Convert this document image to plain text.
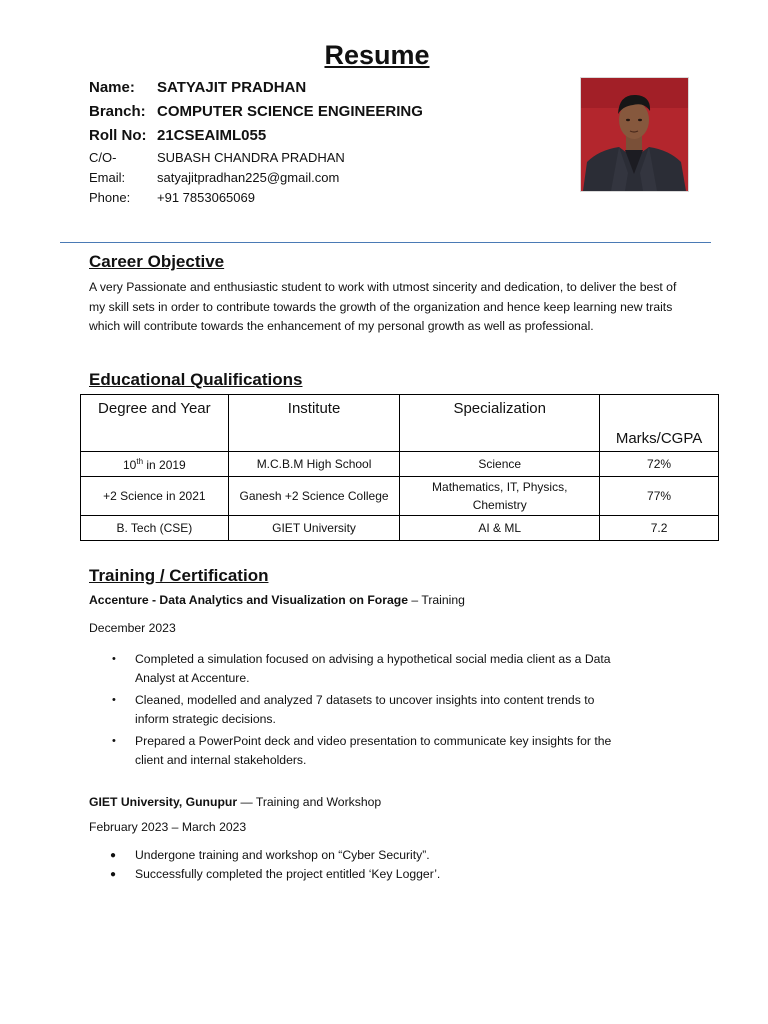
Resume
Name: SATYAJIT PRADHAN
Branch: COMPUTER SCIENCE ENGINEERING
Roll No: 21CSEAIML055
C/O-	SUBASH CHANDRA PRADHAN
Email: satyajitpradhan225@gmail.com
Phone: +91 7853065069
Career Objective

A very Passionate and enthusiastic student to work with utmost sincerity and dedication, to deliver the best of my skill sets in order to contribute towards the growth of the organization and hence keep learning new traits which will contribute towards the enhancement of my personal growth as well as professional.

Educational Qualifications
Degree and Year	Institute	Specialization	Marks/CGPA
10th in 2019	M.C.B.M High School	Science	72%
+2 Science in 2021	Ganesh +2 Science College	Mathematics, IT, Physics, Chemistry	77%
B. Tech (CSE)	GIET University	AI & ML	7.2
Training / Certification

Accenture - Data Analytics and Visualization on Forage – Training

December 2023

• Completed a simulation focused on advising a hypothetical social media client as a Data Analyst at Accenture.
• Cleaned, modelled and analyzed 7 datasets to uncover insights into content trends to inform strategic decisions.
• Prepared a PowerPoint deck and video presentation to communicate key insights for the client and internal stakeholders.

GIET University, Gunupur — Training and Workshop

February 2023 – March 2023

● Undergone training and workshop on “Cyber Security”.
● Successfully completed the project entitled ‘Key Logger’.
